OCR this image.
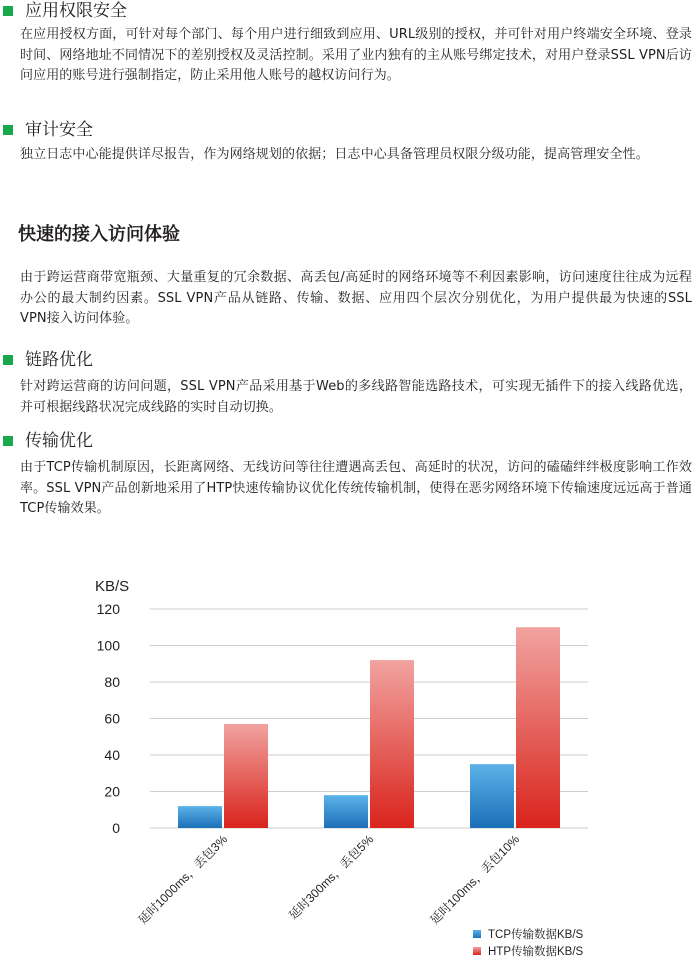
应用权限安全
在应用授权方面，可针对每个部门、每个用户进行细致到应用、URL级别的授权，并可针对用户终端安全环境、登录时间、网络地址不同情况下的差别授权及灵活控制。采用了业内独有的主从账号绑定技术，对用户登录SSL VPN后访问应用的账号进行强制指定，防止采用他人账号的越权访问行为。
审计安全
独立日志中心能提供详尽报告，作为网络规划的依据；日志中心具备管理员权限分级功能，提高管理安全性。
快速的接入访问体验
由于跨运营商带宽瓶颈、大量重复的冗余数据、高丢包/高延时的网络环境等不利因素影响，访问速度往往成为远程办公的最大制约因素。SSL VPN产品从链路、传输、数据、应用四个层次分别优化，为用户提供最为快速的SSL VPN接入访问体验。
链路优化
针对跨运营商的访问问题，SSL VPN产品采用基于Web的多线路智能选路技术，可实现无插件下的接入线路优选，并可根据线路状况完成线路的实时自动切换。
传输优化
由于TCP传输机制原因，长距离网络、无线访问等往往遭遇高丢包、高延时的状况，访问的磕磕绊绊极度影响工作效率。SSL VPN产品创新地采用了HTP快速传输协议优化传统传输机制，使得在恶劣网络环境下传输速度远远高于普通TCP传输效果。
KB/S
0
20
40
60
80
100
120
延时1000ms，丢包3%	延时300ms，丢包5%	延时100ms，丢包10%
TCP传输数据KB/S
HTP传输数据KB/S
